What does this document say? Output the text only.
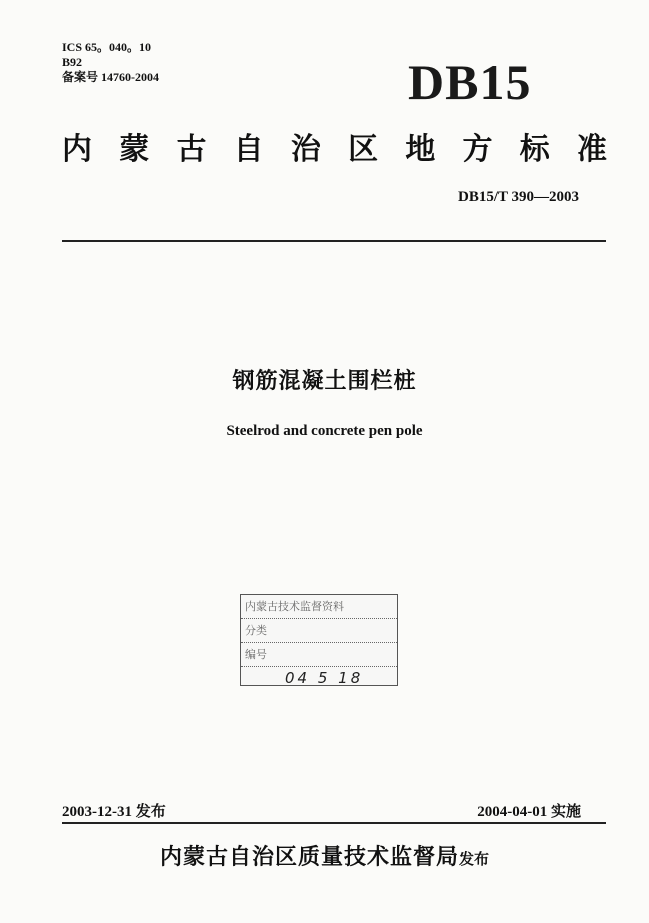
ICS 65。040。10
B92
备案号 14760-2004	DB15
内 蒙 古 自 治 区 地 方 标 准
DB15/T 390—2003
钢筋混凝土围栏桩
Steelrod and concrete pen pole
内蒙古技术监督资料
分类
编号
04 5 18
2003-12-31 发布	2004-04-01 实施
内蒙古自治区质量技术监督局发布
